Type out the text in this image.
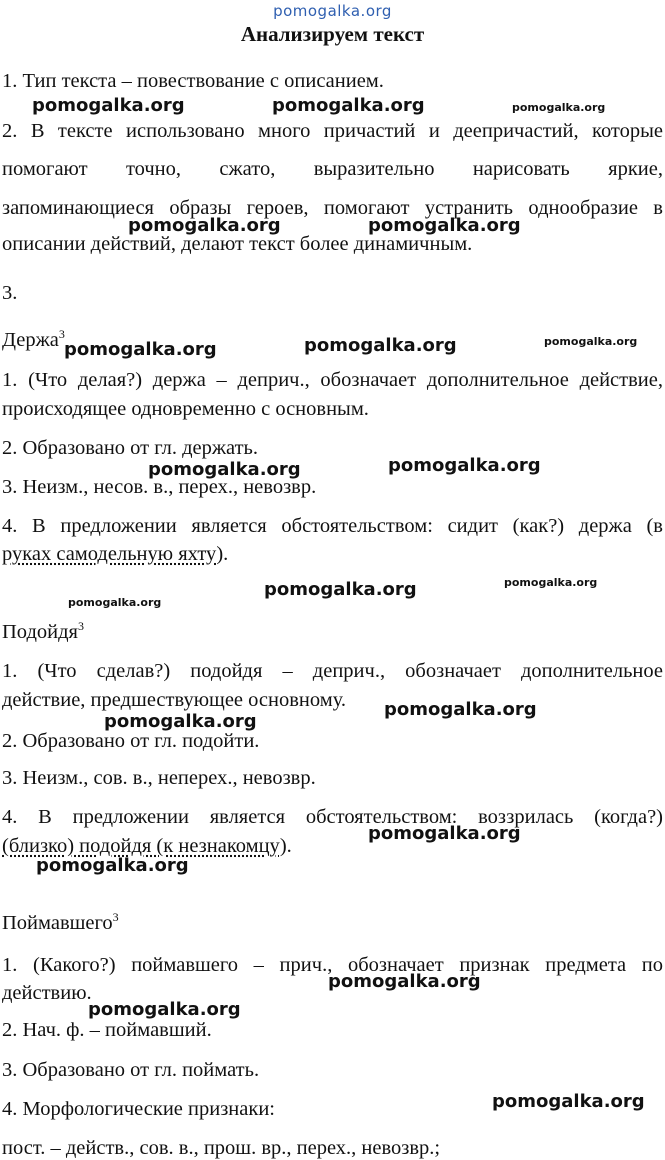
pomogalka.org
Анализируем текст
1. Тип текста – повествование с описанием.
2. В тексте использовано много причастий и деепричастий, которые
помогают точно, сжато, выразительно нарисовать яркие,
запоминающиеся образы героев, помогают устранить однообразие в
описании действий, делают текст более динамичным.
3.
Держа$^3$
1. (Что делая?) держа – деприч., обозначает дополнительное действие,
происходящее одновременно с основным.
2. Образовано от гл. держать.
3. Неизм., несов. в., перех., невозвр.
4. В предложении является обстоятельством: сидит (как?) держа (в
руках самодельную яхту).
Подойдя$^3$
1. (Что сделав?) подойдя – деприч., обозначает дополнительное
действие, предшествующее основному.
2. Образовано от гл. подойти.
3. Неизм., сов. в., неперех., невозвр.
4. В предложении является обстоятельством: воззрилась (когда?)
(близко) подойдя (к незнакомцу).
Поймавшего$^3$
1. (Какого?) поймавшего – прич., обозначает признак предмета по
действию.
2. Нач. ф. – поймавший.
3. Образовано от гл. поймать.
4. Морфологические признаки:
пост. – действ., сов. в., прош. вр., перех., невозвр.;
pomogalka.org	pomogalka.org	pomogalka.org
pomogalka.org	pomogalka.org
pomogalka.org	pomogalka.org	pomogalka.org
pomogalka.org	pomogalka.org
pomogalka.org
pomogalka.org	pomogalka.org
pomogalka.org
pomogalka.org
pomogalka.org
pomogalka.org
pomogalka.org
pomogalka.org
pomogalka.org
